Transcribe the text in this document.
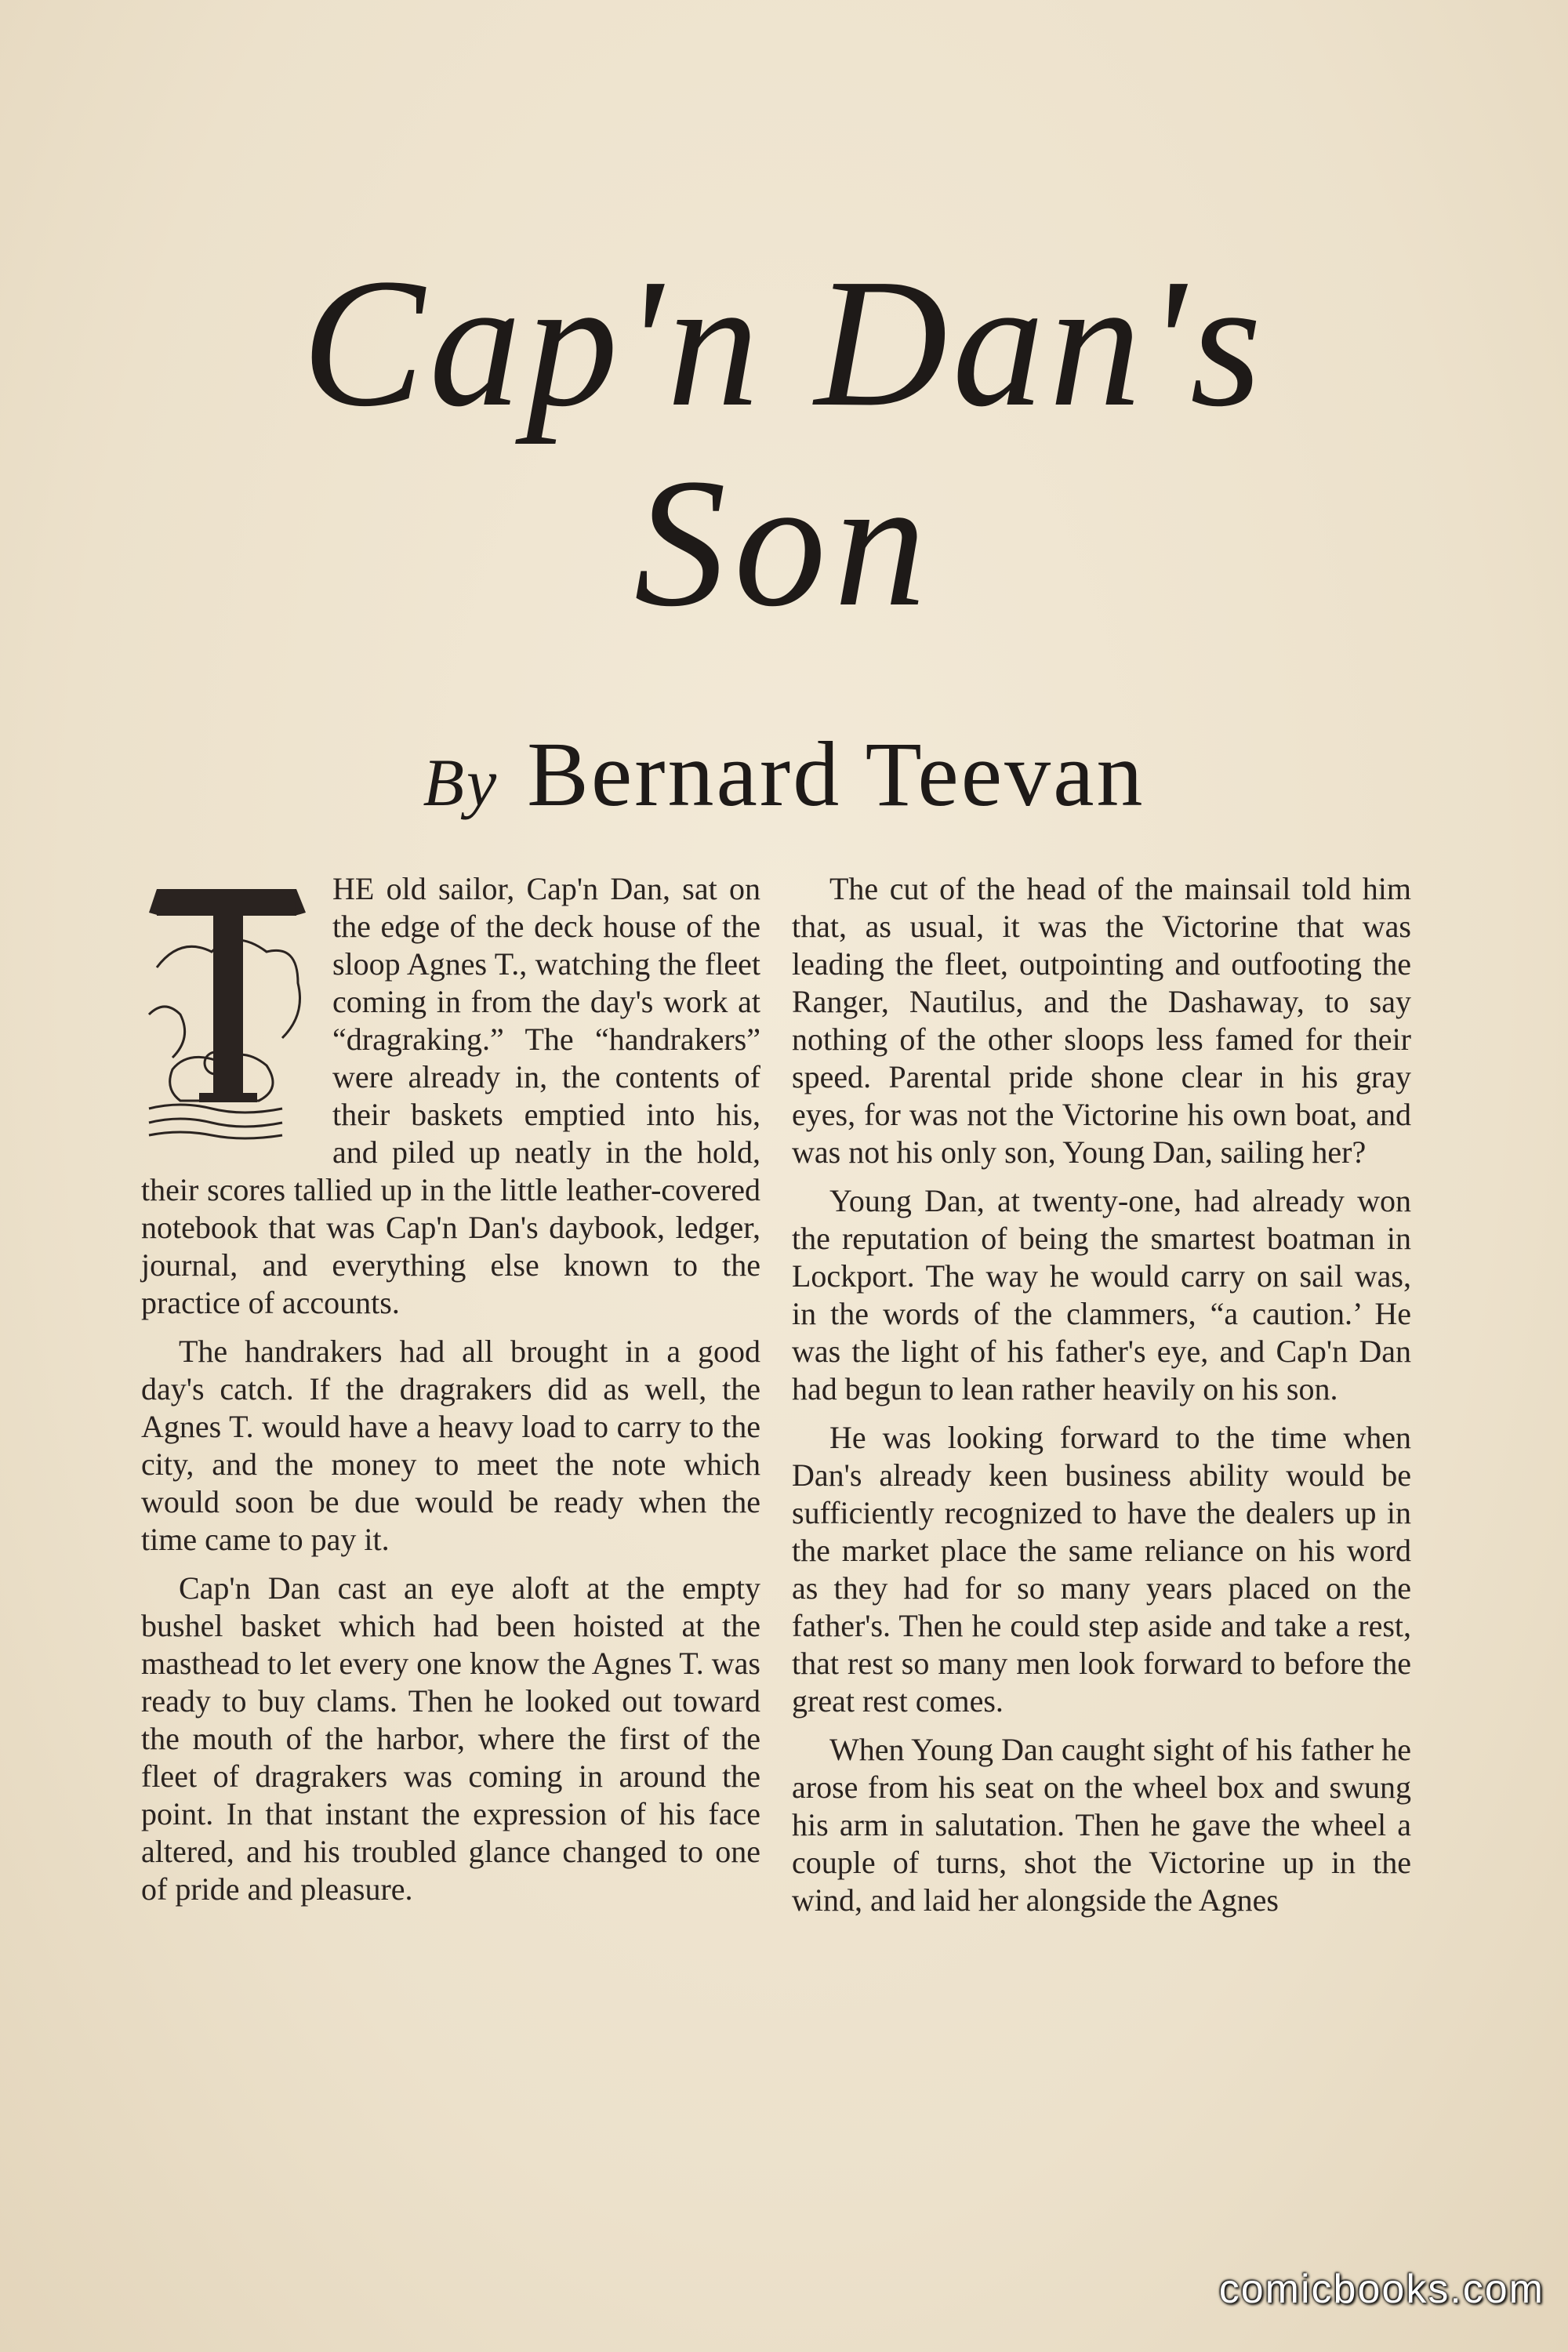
Cap'n Dan's
Son
By Bernard Teevan

HE old sailor, Cap'n Dan, sat on the edge of the deck house of the sloop Agnes T., watching the fleet coming in from the day's work at “dragraking.” The “handrakers” were already in, the contents of their baskets emptied into his, and piled up neatly in the hold, their scores tallied up in the little leather-covered notebook that was Cap'n Dan's daybook, ledger, journal, and everything else known to the practice of accounts.

The handrakers had all brought in a good day's catch. If the dragrakers did as well, the Agnes T. would have a heavy load to carry to the city, and the money to meet the note which would soon be due would be ready when the time came to pay it.

Cap'n Dan cast an eye aloft at the empty bushel basket which had been hoisted at the masthead to let every one know the Agnes T. was ready to buy clams. Then he looked out toward the mouth of the harbor, where the first of the fleet of dragrakers was coming in around the point. In that instant the expression of his face altered, and his troubled glance changed to one of pride and pleasure.

The cut of the head of the mainsail told him that, as usual, it was the Victorine that was leading the fleet, outpointing and outfooting the Ranger, Nautilus, and the Dashaway, to say nothing of the other sloops less famed for their speed. Parental pride shone clear in his gray eyes, for was not the Victorine his own boat, and was not his only son, Young Dan, sailing her?

Young Dan, at twenty-one, had already won the reputation of being the smartest boatman in Lockport. The way he would carry on sail was, in the words of the clammers, “a caution.’ He was the light of his father's eye, and Cap'n Dan had begun to lean rather heavily on his son.

He was looking forward to the time when Dan's already keen business ability would be sufficiently recognized to have the dealers up in the market place the same reliance on his word as they had for so many years placed on the father's. Then he could step aside and take a rest, that rest so many men look forward to before the great rest comes.

When Young Dan caught sight of his father he arose from his seat on the wheel box and swung his arm in salutation. Then he gave the wheel a couple of turns, shot the Victorine up in the wind, and laid her alongside the Agnes

comicbooks.com
